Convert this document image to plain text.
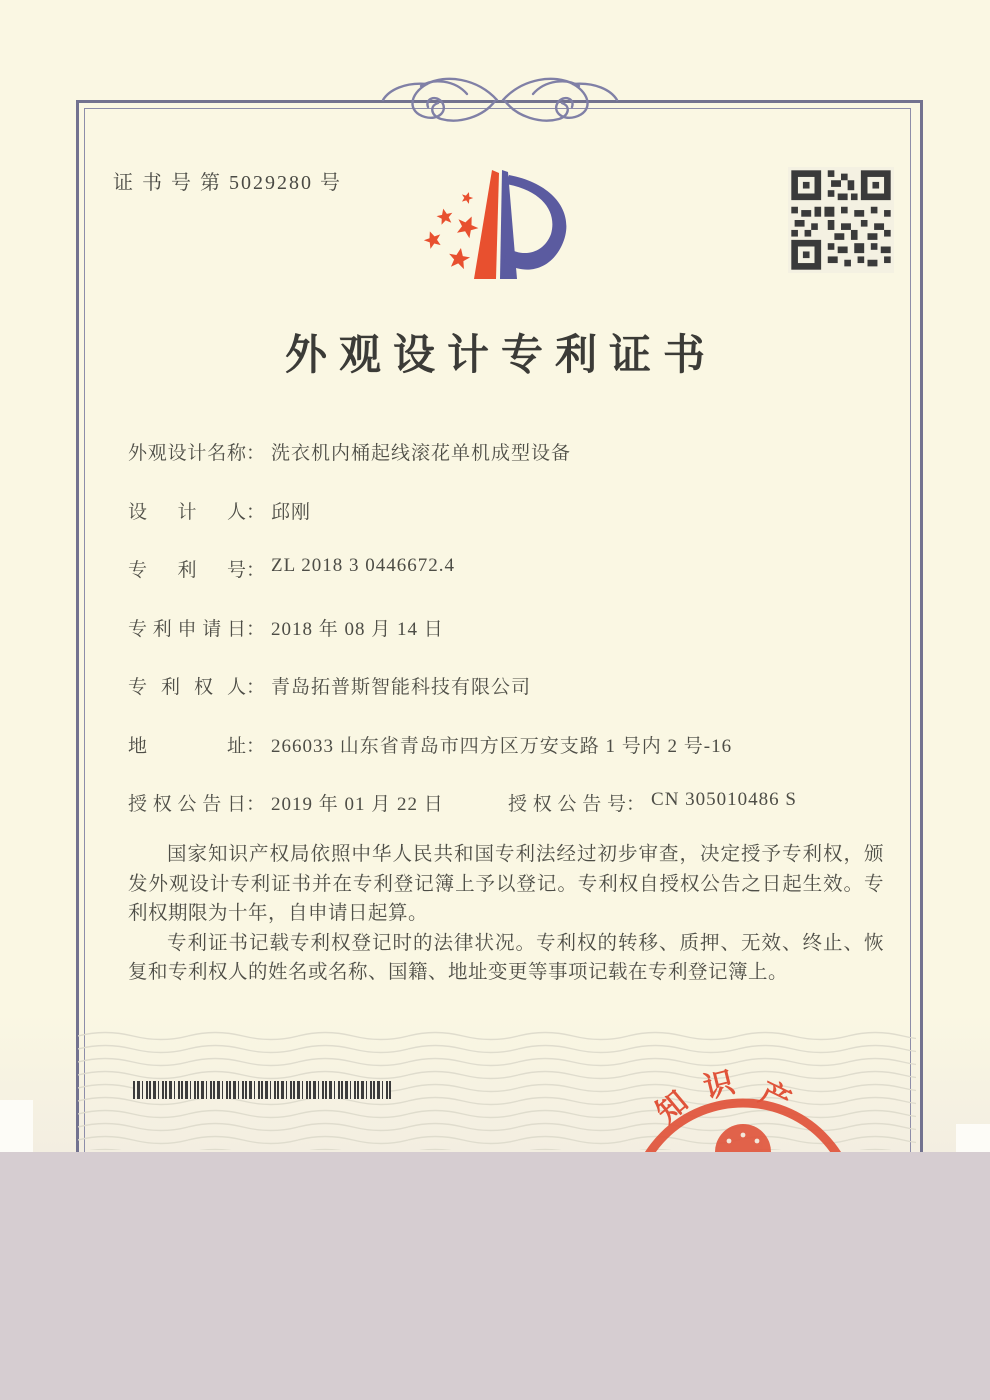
证 书 号 第 5029280 号
外观设计专利证书
外观设计名称： 洗衣机内桶起线滚花单机成型设备
设计人： 邱刚
专利号： ZL 2018 3 0446672.4
专利申请日： 2018 年 08 月 14 日
专利权人： 青岛拓普斯智能科技有限公司
地址： 266033 山东省青岛市四方区万安支路 1 号内 2 号-16
授权公告日： 2019 年 01 月 22 日	授权公告号： CN 305010486 S

国家知识产权局依照中华人民共和国专利法经过初步审查，决定授予专利权，颁发外观设计专利证书并在专利登记簿上予以登记。专利权自授权公告之日起生效。专利权期限为十年，自申请日起算。

专利证书记载专利权登记时的法律状况。专利权的转移、质押、无效、终止、恢复和专利权人的姓名或名称、国籍、地址变更等事项记载在专利登记簿上。

知 识 产
